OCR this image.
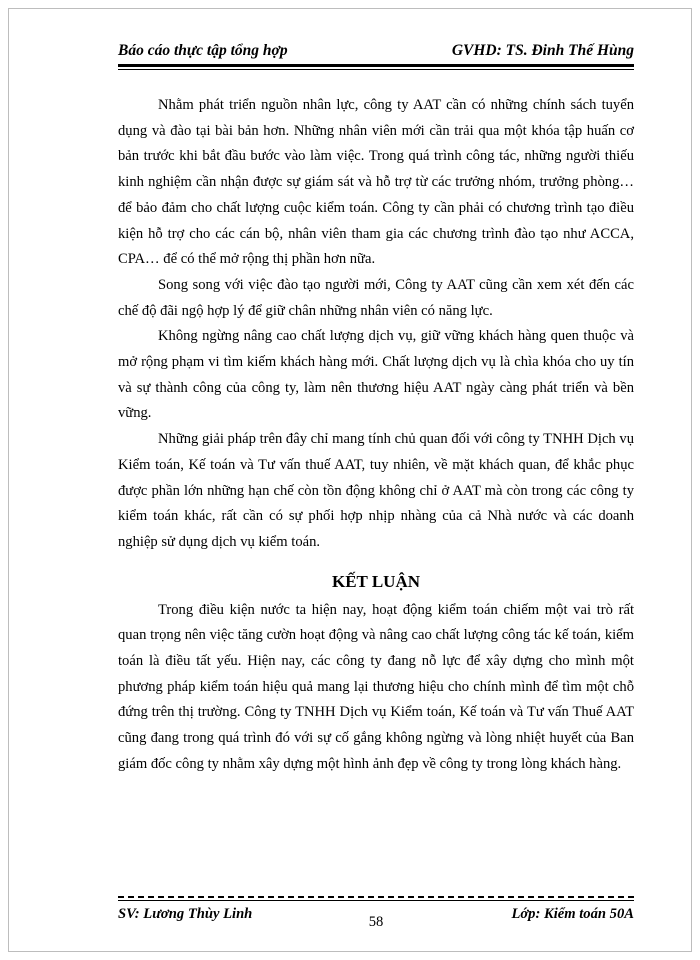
Báo cáo thực tập tổng hợp	GVHD: TS. Đinh Thế Hùng

Nhằm phát triển nguồn nhân lực, công ty AAT cần có những chính sách tuyển dụng và đào tại bài bản hơn. Những nhân viên mới cần trải qua một khóa tập huấn cơ bản trước khi bắt đầu bước vào làm việc. Trong quá trình công tác, những người thiếu kinh nghiệm cần nhận được sự giám sát và hỗ trợ từ các trưởng nhóm, trưởng phòng… để bảo đảm cho chất lượng cuộc kiểm toán. Công ty cần phải có chương trình tạo điều kiện hỗ trợ cho các cán bộ, nhân viên tham gia các chương trình đào tạo như ACCA, CPA… để có thể mở rộng thị phần hơn nữa.

Song song với việc đào tạo người mới, Công ty AAT cũng cần xem xét đến các chế độ đãi ngộ hợp lý để giữ chân những nhân viên có năng lực.

Không ngừng nâng cao chất lượng dịch vụ, giữ vững khách hàng quen thuộc và mở rộng phạm vi tìm kiếm khách hàng mới. Chất lượng dịch vụ là chìa khóa cho uy tín và sự thành công của công ty, làm nên thương hiệu AAT ngày càng phát triển và bền vững.

Những giải pháp trên đây chỉ mang tính chủ quan đối với công ty TNHH Dịch vụ Kiểm toán, Kế toán và Tư vấn thuế AAT, tuy nhiên, về mặt khách quan, để khắc phục được phần lớn những hạn chế còn tồn động không chỉ ở AAT mà còn trong các công ty kiểm toán khác, rất cần có sự phối hợp nhịp nhàng của cả Nhà nước và các doanh nghiệp sử dụng dịch vụ kiểm toán.

KẾT LUẬN

Trong điều kiện nước ta hiện nay, hoạt động kiểm toán chiếm một vai trò rất quan trọng nên việc tăng cườn hoạt động và nâng cao chất lượng công tác kế toán, kiểm toán là điều tất yếu. Hiện nay, các công ty đang nỗ lực để xây dựng cho mình một phương pháp kiểm toán hiệu quả mang lại thương hiệu cho chính mình để tìm một chỗ đứng trên thị trường. Công ty TNHH Dịch vụ Kiểm toán, Kế toán và Tư vấn Thuế AAT cũng đang trong quá trình đó với sự cố gắng không ngừng và lòng nhiệt huyết của Ban giám đốc công ty nhằm xây dựng một hình ảnh đẹp về công ty trong lòng khách hàng.

SV: Lương Thùy Linh	58	Lớp: Kiểm toán 50A
